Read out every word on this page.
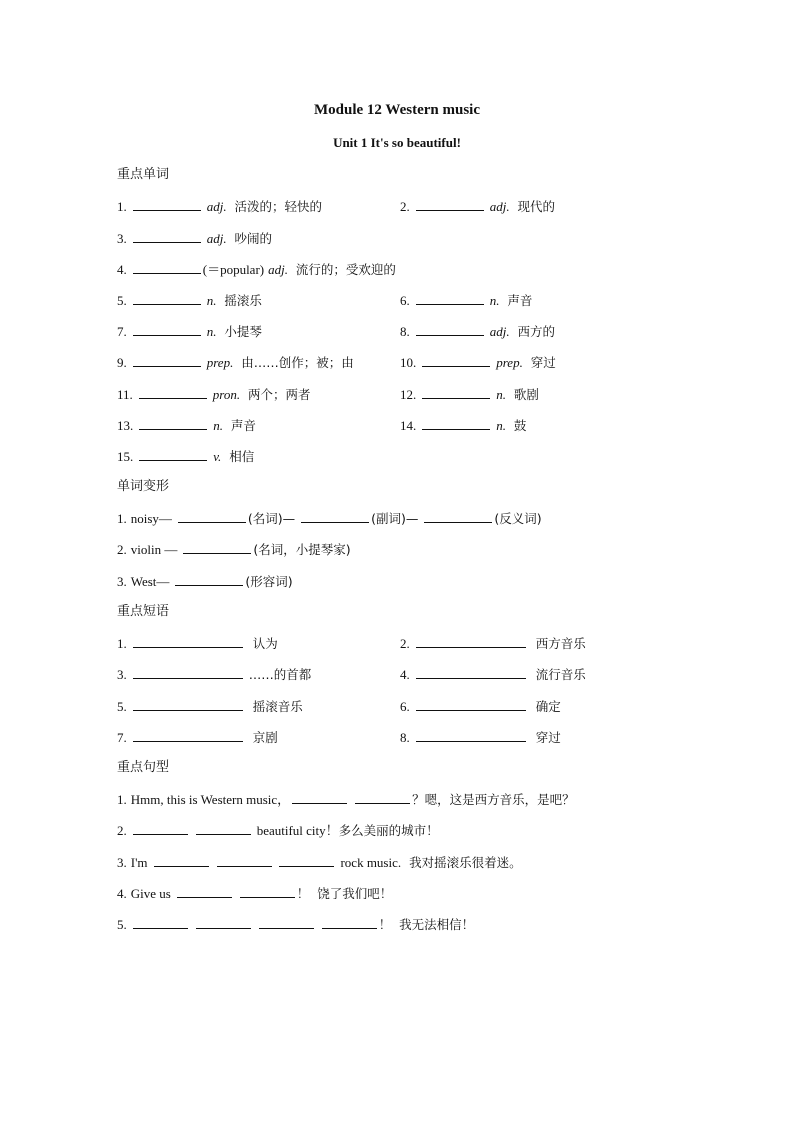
Module 12 Western music
Unit 1 It's so beautiful!
重点单词
1.	adj. 活泼的；轻快的	2.	adj. 现代的
3.	adj. 吵闹的
4.	(＝popular) adj. 流行的；受欢迎的
5.	n. 摇滚乐	6.	n. 声音
7.	n. 小提琴	8.	adj. 西方的
9.	prep. 由……创作；被；由	10.	prep. 穿过
11.	pron. 两个；两者	12.	n. 歌剧
13.	n. 声音	14.	n. 鼓
15.	v. 相信
单词变形
1. noisy—	(名词)—	(副词)—	(反义词)
2. violin —	(名词，小提琴家)
3. West—	(形容词)
重点短语
1.	认为	2.	西方音乐
3.	……的首都	4.	流行音乐
5.	摇滚音乐	6.	确定
7.	京剧	8.	穿过
重点句型
1. Hmm, this is Western music，	？嗯，这是西方音乐，是吧？
2.	beautiful city！多么美丽的城市！
3. I'm	rock music. 我对摇滚乐很着迷。
4. Give us	！ 饶了我们吧！
5.	！ 我无法相信！
